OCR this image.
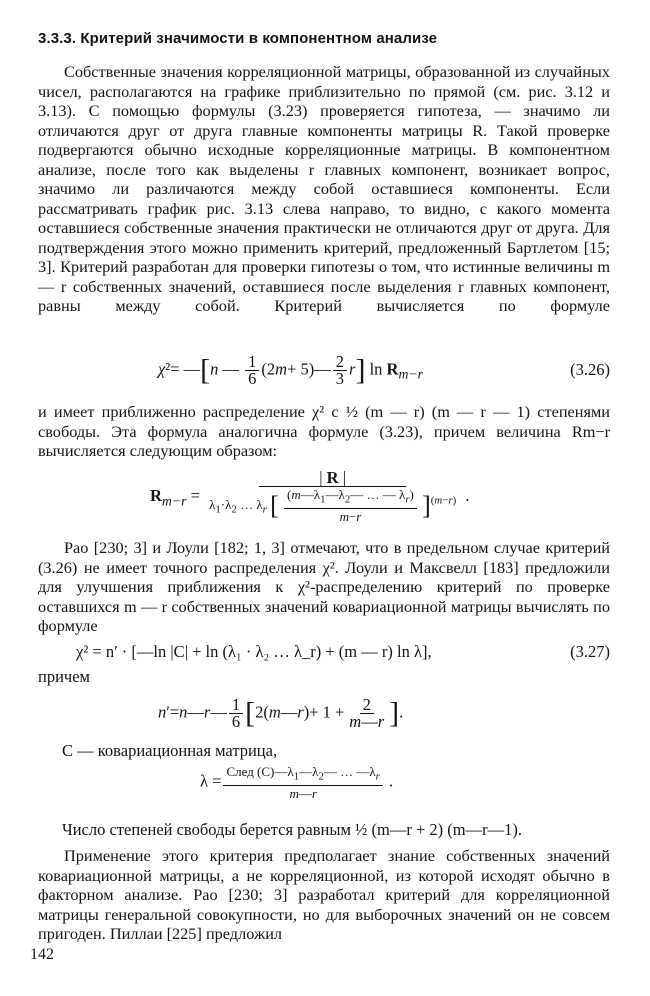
3.3.3. Критерий значимости в компонентном анализе

Собственные значения корреляционной матрицы, образованной из случайных чисел, располагаются на графике приблизительно по прямой (см. рис. 3.12 и 3.13). С помощью формулы (3.23) проверяется гипотеза, — значимо ли отличаются друг от друга главные компоненты матрицы R. Такой проверке подвергаются обычно исходные корреляционные матрицы. В компонентном анализе, после того как выделены r главных компонент, возникает вопрос, значимо ли различаются между собой оставшиеся компоненты. Если рассматривать график рис. 3.13 слева направо, то видно, с какого момента оставшиеся собственные значения практически не отличаются друг от друга. Для подтверждения этого можно применить критерий, предложенный Бартлетом [15; 3]. Критерий разработан для проверки гипотезы о том, что истинные величины m — r собственных значений, оставшиеся после выделения r главных компонент, равны между собой. Критерий вычисляется по формуле

χ²= —[n — $\frac{1}{6} (2m+$ 5)— $\frac{2}{3} r$] $\ln R_{m-r}$	(3.26)

и имеет приближенно распределение χ² с ½ (m — r) (m — r — 1) степенями свободы. Эта формула аналогична формуле (3.23), причем величина Rm−r вычисляется следующим образом:

$R_{m-r}$ =
| R |
$\lambda_1\cdot\lambda_2$ … $\lambda_r$ [ $\frac{(m—\lambda_1—\lambda_2— \dots — \lambda_r)}{m-r} ]^{(m-r)}$ .

Рао [230; 3] и Лоули [182; 1, 3] отмечают, что в предельном случае критерий (3.26) не имеет точного распределения χ². Лоули и Максвелл [183] предложили для улучшения приближения к χ²-распределению критерий по проверке оставшихся m — r собственных значений ковариационной матрицы вычислять по формуле

χ² = n′ · [—ln |C| + ln (λ₁ · λ₂ … λ_r) + (m — r) ln λ],	(3.27)
причем
n′=n—r— $\frac{1}{6}$ [2(m—r)+ $1 + \frac{2}{m—r}$ ].
C — ковариационная матрица,
$\lambda = \frac{След (C)—\lambda_1—\lambda_2— \dots —\lambda_r}{m—r}$ .
Число степеней свободы берется равным ½ (m—r + 2) (m—r—1).

Применение этого критерия предполагает знание собственных значений ковариационной матрицы, а не корреляционной, из которой исходят обычно в факторном анализе. Рао [230; 3] разработал критерий для корреляционной матрицы генеральной совокупности, но для выборочных значений он не совсем пригоден. Пиллаи [225] предложил

142
